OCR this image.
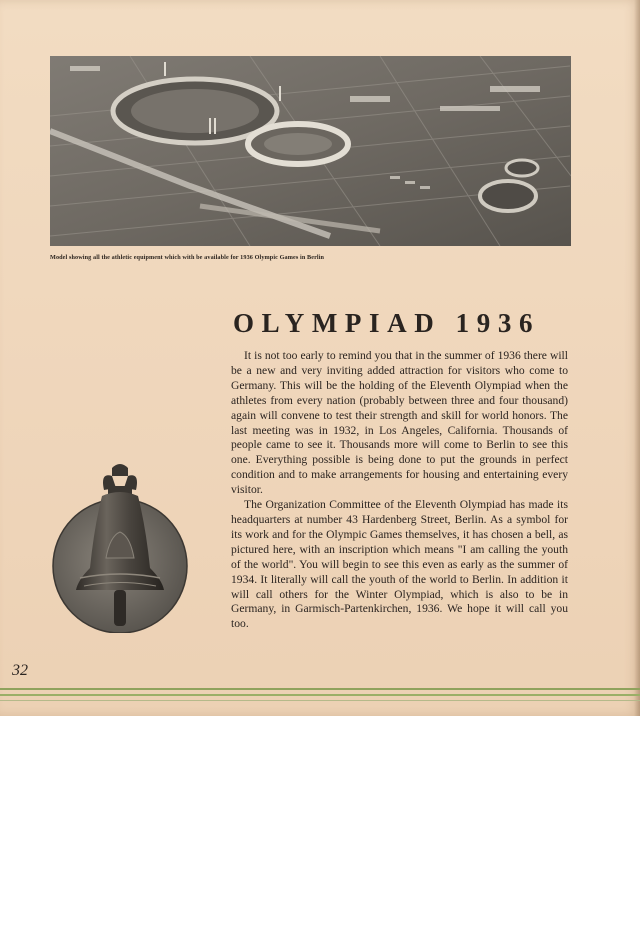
Model showing all the athletic equipment which with be available for 1936 Olympic Games in Berlin
OLYMPIAD 1936

It is not too early to remind you that in the summer of 1936 there will be a new and very inviting added attraction for visitors who come to Germany. This will be the holding of the Eleventh Olympiad when the athletes from every nation (probably between three and four thousand) again will convene to test their strength and skill for world honors. The last meeting was in 1932, in Los Angeles, California. Thousands of people came to see it. Thousands more will come to Berlin to see this one. Everything possible is being done to put the grounds in perfect condition and to make arrangements for housing and entertaining every visitor.

The Organization Committee of the Eleventh Olympiad has made its headquarters at number 43 Hardenberg Street, Berlin. As a symbol for its work and for the Olympic Games themselves, it has chosen a bell, as pictured here, with an inscription which means "I am calling the youth of the world". You will begin to see this even as early as the summer of 1934. It literally will call the youth of the world to Berlin. In addition it will call others for the Winter Olympiad, which is also to be in Germany, in Garmisch-Partenkirchen, 1936. We hope it will call you too.

32
